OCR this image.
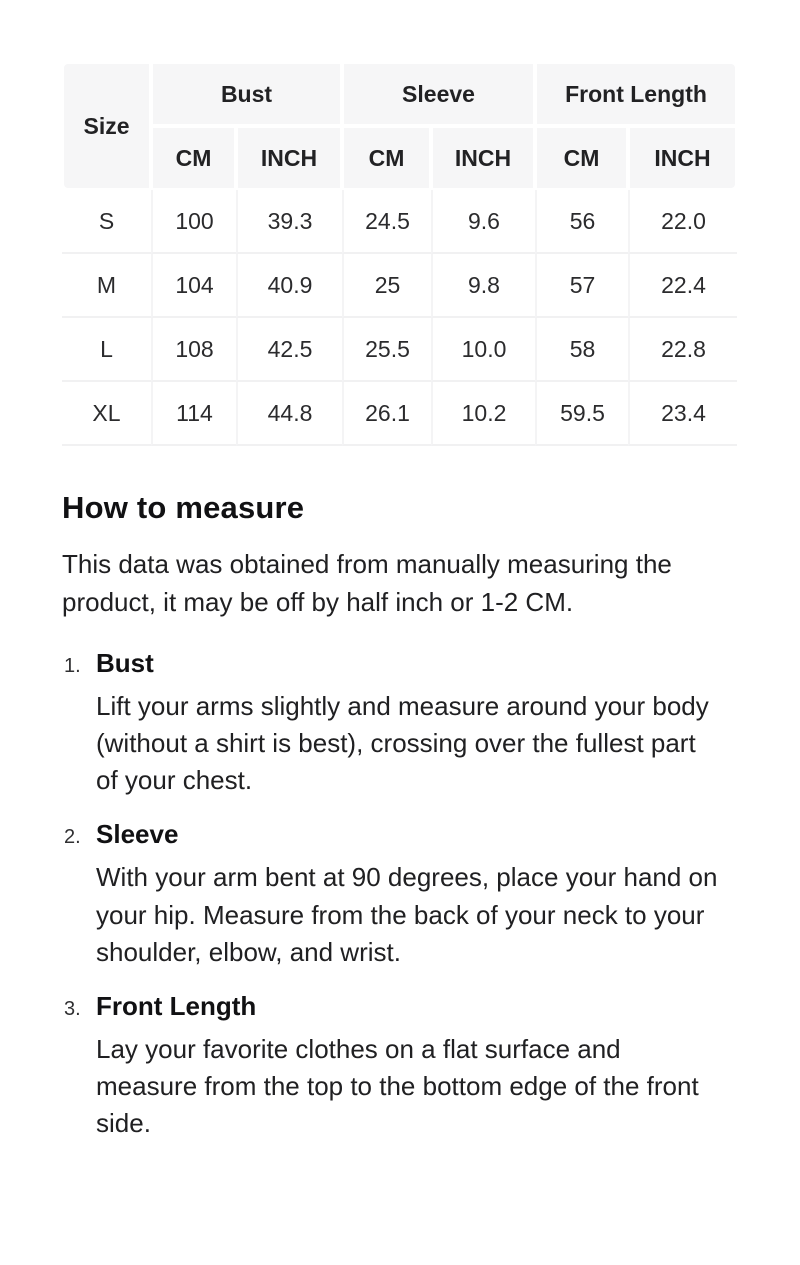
Size	Bust		Sleeve		Front Length	
	CM	INCH	CM	INCH	CM	INCH
S	100	39.3	24.5	9.6	56	22.0
M	104	40.9	25	9.8	57	22.4
L	108	42.5	25.5	10.0	58	22.8
XL	114	44.8	26.1	10.2	59.5	23.4
How to measure

This data was obtained from manually measuring the product, it may be off by half inch or 1-2 CM.

1. Bust

Lift your arms slightly and measure around your body (without a shirt is best), crossing over the fullest part of your chest.

2. Sleeve

With your arm bent at 90 degrees, place your hand on your hip. Measure from the back of your neck to your shoulder, elbow, and wrist.

3. Front Length

Lay your favorite clothes on a flat surface and measure from the top to the bottom edge of the front side.
